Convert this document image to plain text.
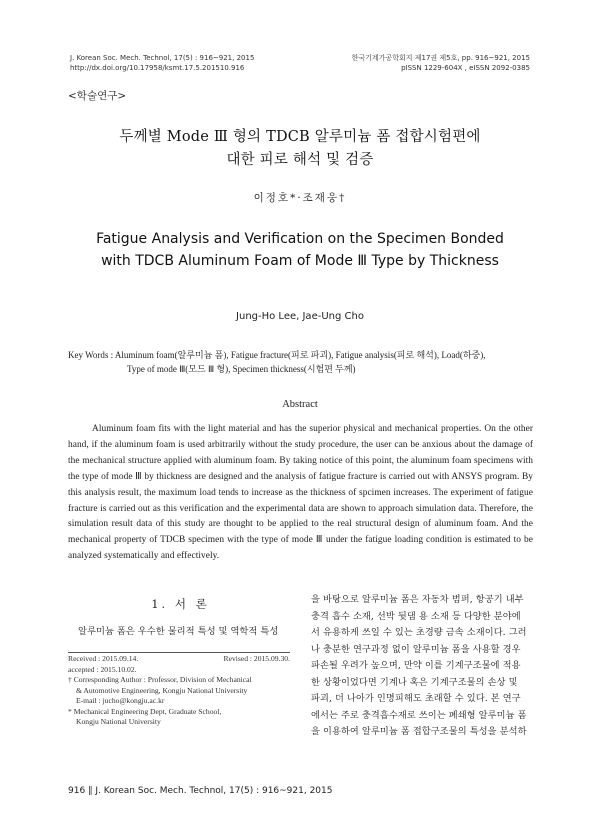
J. Korean Soc. Mech. Technol, 17(5) : 916~921, 2015
http://dx.doi.org/10.17958/ksmt.17.5.201510.916
한국기계가공학회지 제17권 제5호, pp. 916~921, 2015
pISSN 1229-604X , eISSN 2092-0385
<학술연구>
두께별 Mode Ⅲ 형의 TDCB 알루미늄 폼 접합시험편에
대한 피로 해석 및 검증
이정호*·조재웅†
Fatigue Analysis and Verification on the Specimen Bonded
with TDCB Aluminum Foam of Mode Ⅲ Type by Thickness
Jung-Ho Lee, Jae-Ung Cho
Key Words : Aluminum foam(알루미늄 폼), Fatigue fracture(피로 파괴), Fatigue analysis(피로 해석), Load(하중),
Type of mode Ⅲ(모드 Ⅲ 형), Specimen thickness(시험편 두께)
Abstract
Aluminum foam fits with the light material and has the superior physical and mechanical properties. On the other hand, if the aluminum foam is used arbitrarily without the study procedure, the user can be anxious about the damage of the mechanical structure applied with aluminum foam. By taking notice of this point, the aluminum foam specimens with the type of mode Ⅲ by thickness are designed and the analysis of fatigue fracture is carried out with ANSYS program. By this analysis result, the maximum load tends to increase as the thickness of spcimen increases. The experiment of fatigue fracture is carried out as this verification and the experimental data are shown to approach simulation data. Therefore, the simulation result data of this study are thought to be applied to the real structural design of aluminum foam. And the mechanical property of TDCB specimen with the type of mode Ⅲ under the fatigue loading condition is estimated to be analyzed systematically and effectively.
1. 서 론
알루미늄 폼은 우수한 물리적 특성 및 역학적 특성
Received : 2015.09.14.	Revised : 2015.09.30.
accepted : 2015.10.02.
† Corresponding Author : Professor, Division of Mechanical
& Automotive Engineering, Kongju National University
E-mail : jucho@kongju.ac.kr
* Mechanical Engineering Dept, Graduate School,
Kongju National University

을 바탕으로 알루미늄 폼은 자동차 범퍼, 항공기 내부

충격 흡수 소재, 선박 뒷댐 용 소재 등 다양한 분야에

서 유용하게 쓰일 수 있는 초경량 금속 소재이다. 그러

나 충분한 연구과정 없이 알루미늄 폼을 사용할 경우

파손될 우려가 높으며, 만약 이를 기계구조물에 적용

한 상황이었다면 기계나 혹은 기계구조물의 손상 및

파괴, 더 나아가 인명피해도 초래할 수 있다. 본 연구

에서는 주로 충격흡수재로 쓰이는 폐쇄형 알루미늄 폼

을 이용하여 알루미늄 폼 접합구조물의 특성을 분석하

916 ∥ J. Korean Soc. Mech. Technol, 17(5) : 916~921, 2015
